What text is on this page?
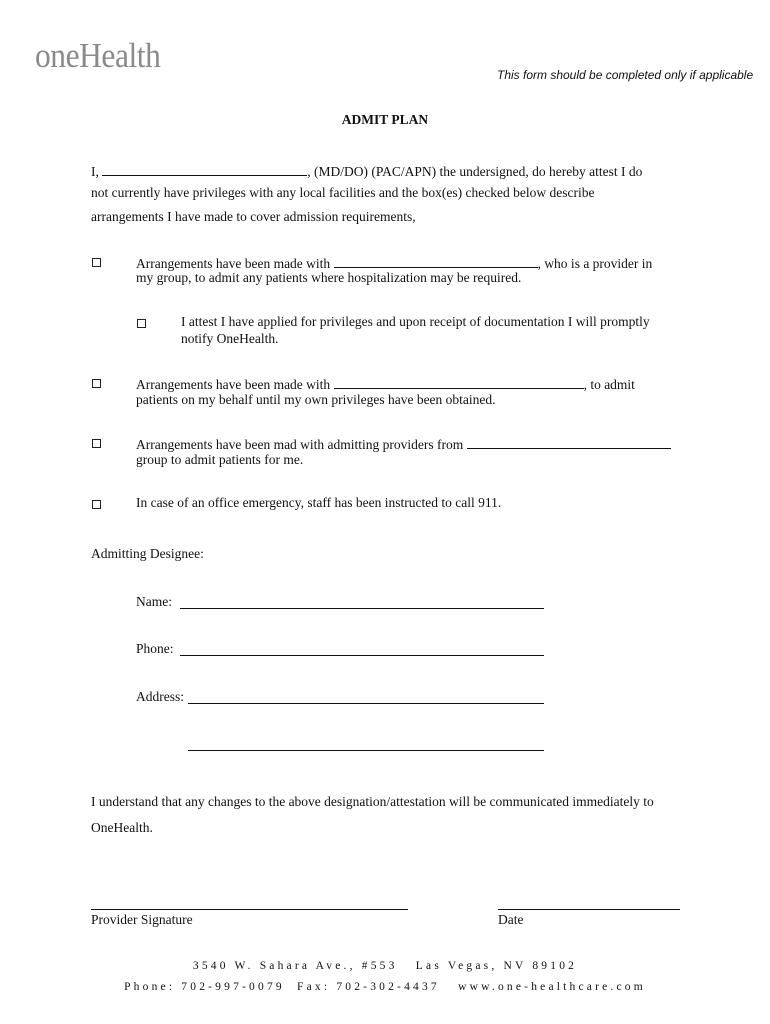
oneHealth	This form should be completed only if applicable
ADMIT PLAN
I,	, (MD/DO) (PAC/APN) the undersigned, do hereby attest I do
not currently have privileges with any local facilities and the box(es) checked below describe
arrangements I have made to cover admission requirements,
Arrangements have been made with	, who is a provider in
my group, to admit any patients where hospitalization may be required.
I attest I have applied for privileges and upon receipt of documentation I will promptly
notify OneHealth.
Arrangements have been made with	, to admit
patients on my behalf until my own privileges have been obtained.
Arrangements have been mad with admitting providers from
group to admit patients for me.
In case of an office emergency, staff has been instructed to call 911.
Admitting Designee:
Name:
Phone:
Address:
I understand that any changes to the above designation/attestation will be communicated immediately to
OneHealth.
Provider Signature	Date
3540 W. Sahara Ave., #553   Las Vegas, NV 89102
Phone: 702-997-0079  Fax: 702-302-4437   www.one-healthcare.com
